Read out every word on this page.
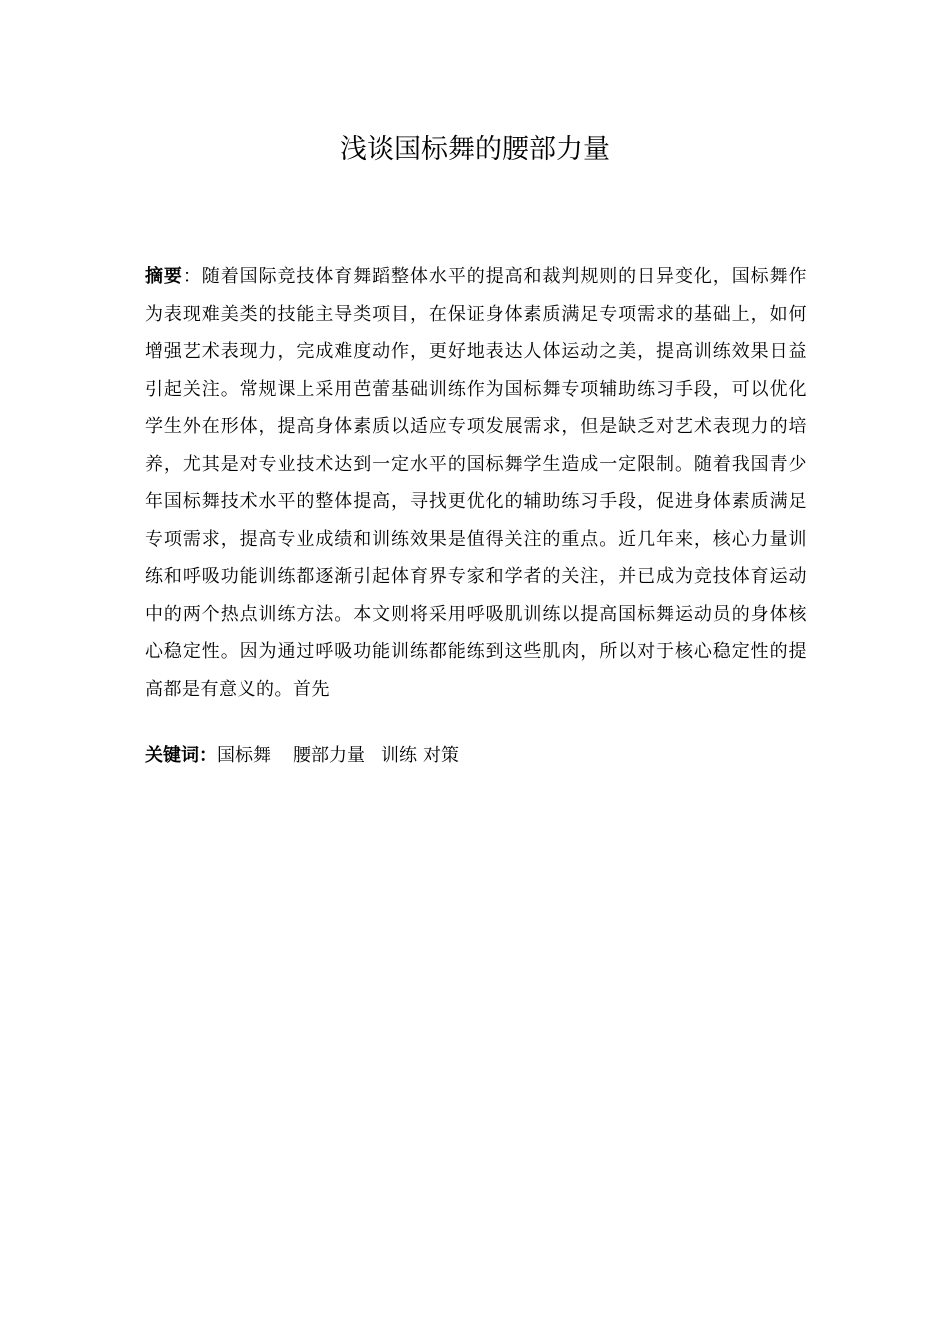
浅谈国标舞的腰部力量

摘要：随着国际竞技体育舞蹈整体水平的提高和裁判规则的日异变化，国标舞作为表现难美类的技能主导类项目，在保证身体素质满足专项需求的基础上，如何增强艺术表现力，完成难度动作，更好地表达人体运动之美，提高训练效果日益引起关注。常规课上采用芭蕾基础训练作为国标舞专项辅助练习手段，可以优化学生外在形体，提高身体素质以适应专项发展需求，但是缺乏对艺术表现力的培养，尤其是对专业技术达到一定水平的国标舞学生造成一定限制。随着我国青少年国标舞技术水平的整体提高，寻找更优化的辅助练习手段，促进身体素质满足专项需求，提高专业成绩和训练效果是值得关注的重点。近几年来，核心力量训练和呼吸功能训练都逐渐引起体育界专家和学者的关注，并已成为竞技体育运动中的两个热点训练方法。本文则将采用呼吸肌训练以提高国标舞运动员的身体核心稳定性。因为通过呼吸功能训练都能练到这些肌肉，所以对于核心稳定性的提高都是有意义的。首先

关键词：国标舞 腰部力量 训练 对策
